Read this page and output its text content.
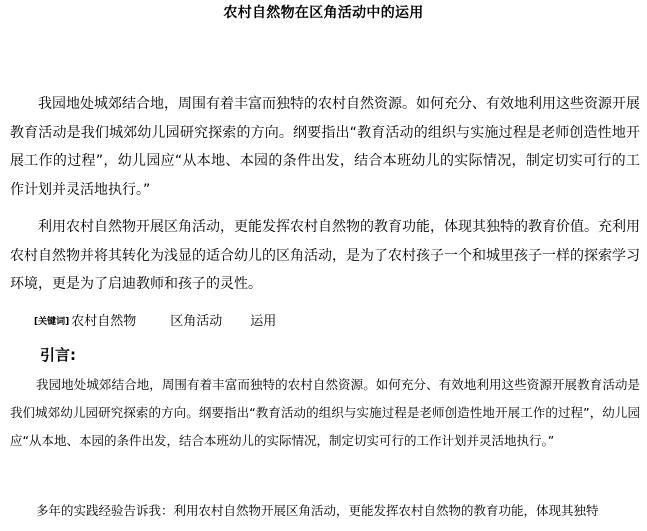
农村自然物在区角活动中的运用

我园地处城郊结合地，周围有着丰富而独特的农村自然资源。如何充分、有效地利用这些资源开展教育活动是我们城郊幼儿园研究探索的方向。纲要指出“教育活动的组织与实施过程是老师创造性地开展工作的过程”，幼儿园应“从本地、本园的条件出发，结合本班幼儿的实际情况，制定切实可行的工作计划并灵活地执行。”

利用农村自然物开展区角活动，更能发挥农村自然物的教育功能，体现其独特的教育价值。充利用农村自然物并将其转化为浅显的适合幼儿的区角活动，是为了农村孩子一个和城里孩子一样的探索学习环境，更是为了启迪教师和孩子的灵性。

[关键词] 农村自然物	区角活动 运用
引言:

我园地处城郊结合地，周围有着丰富而独特的农村自然资源。如何充分、有效地利用这些资源开展教育活动是我们城郊幼儿园研究探索的方向。纲要指出“教育活动的组织与实施过程是老师创造性地开展工作的过程”，幼儿园应“从本地、本园的条件出发，结合本班幼儿的实际情况，制定切实可行的工作计划并灵活地执行。”

多年的实践经验告诉我：利用农村自然物开展区角活动，更能发挥农村自然物的教育功能，体现其独特
